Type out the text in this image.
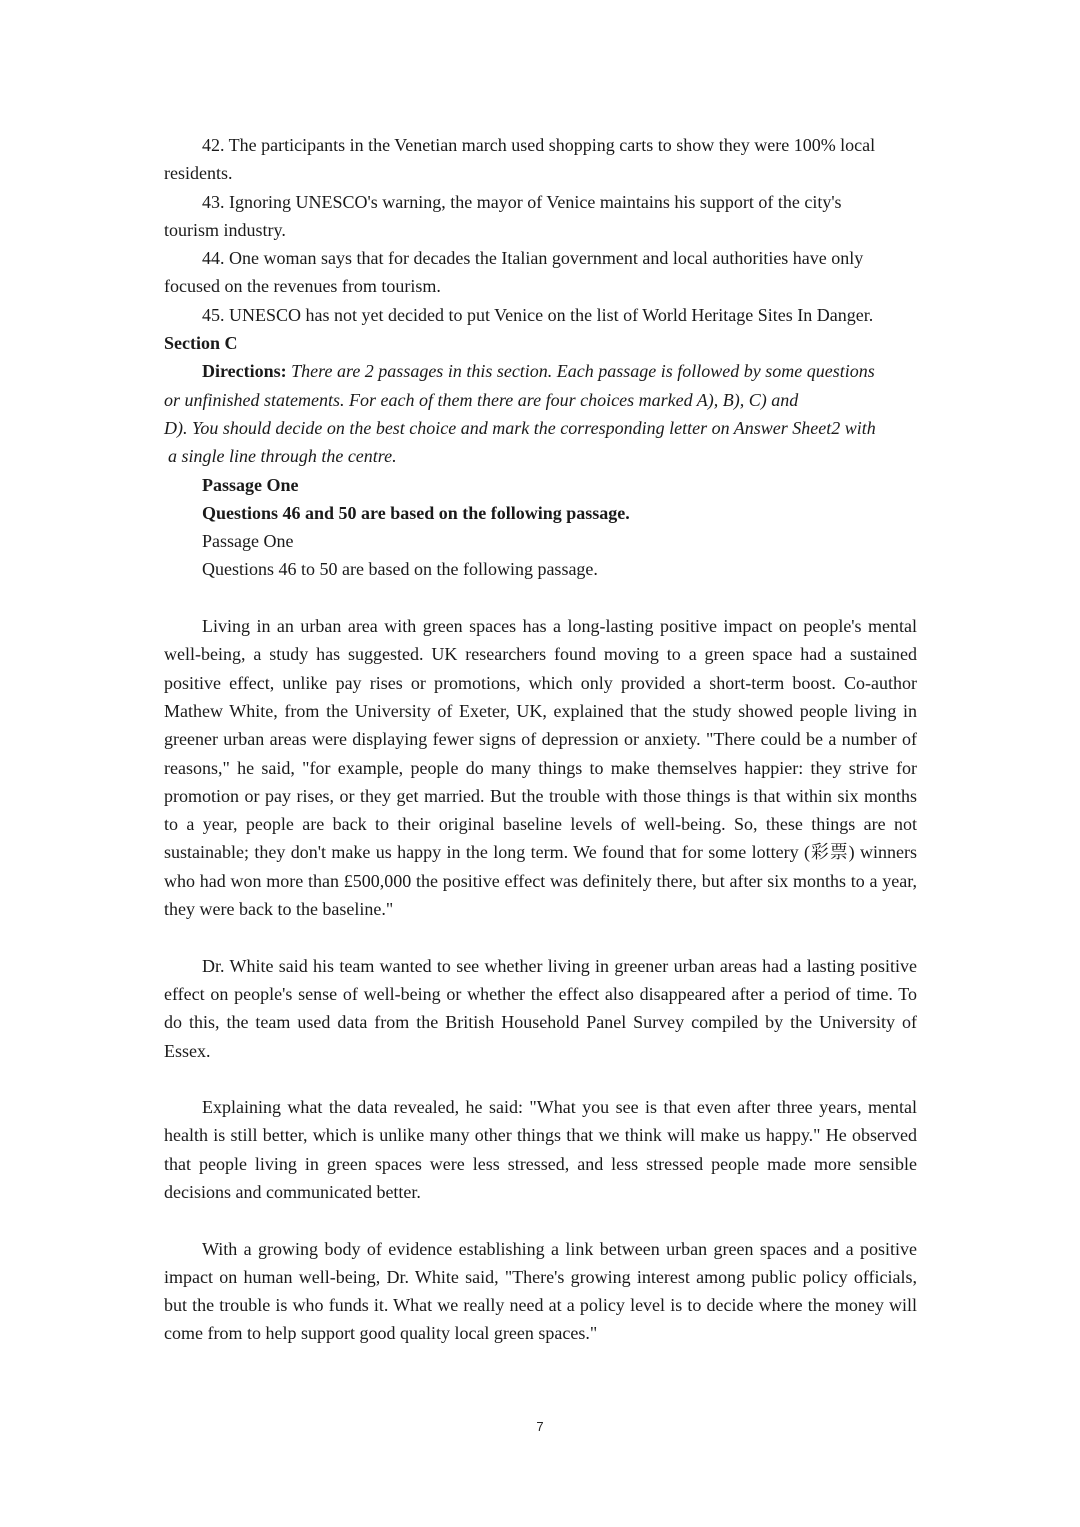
42. The participants in the Venetian march used shopping carts to show they were 100% local

residents.

43. Ignoring UNESCO's warning, the mayor of Venice maintains his support of the city's

tourism industry.

44. One woman says that for decades the Italian government and local authorities have only

focused on the revenues from tourism.

45. UNESCO has not yet decided to put Venice on the list of World Heritage Sites In Danger.

Section C

Directions: There are 2 passages in this section. Each passage is followed by some questions

or unfinished statements. For each of them there are four choices marked A), B), C) and

D). You should decide on the best choice and mark the corresponding letter on Answer Sheet2 with

a single line through the centre.

Passage One

Questions 46 and 50 are based on the following passage.

Passage One

Questions 46 to 50 are based on the following passage.

Living in an urban area with green spaces has a long-lasting positive impact on people's mental well-being, a study has suggested. UK researchers found moving to a green space had a sustained positive effect, unlike pay rises or promotions, which only provided a short-term boost. Co-author Mathew White, from the University of Exeter, UK, explained that the study showed people living in greener urban areas were displaying fewer signs of depression or anxiety. "There could be a number of reasons," he said, "for example, people do many things to make themselves happier: they strive for promotion or pay rises, or they get married. But the trouble with those things is that within six months to a year, people are back to their original baseline levels of well-being. So, these things are not sustainable; they don't make us happy in the long term. We found that for some lottery (彩票) winners who had won more than £500,000 the positive effect was definitely there, but after six months to a year, they were back to the baseline."

Dr. White said his team wanted to see whether living in greener urban areas had a lasting positive effect on people's sense of well-being or whether the effect also disappeared after a period of time. To do this, the team used data from the British Household Panel Survey compiled by the University of Essex.

Explaining what the data revealed, he said: "What you see is that even after three years, mental health is still better, which is unlike many other things that we think will make us happy." He observed that people living in green spaces were less stressed, and less stressed people made more sensible decisions and communicated better.

With a growing body of evidence establishing a link between urban green spaces and a positive impact on human well-being, Dr. White said, "There's growing interest among public policy officials, but the trouble is who funds it. What we really need at a policy level is to decide where the money will come from to help support good quality local green spaces."

7
